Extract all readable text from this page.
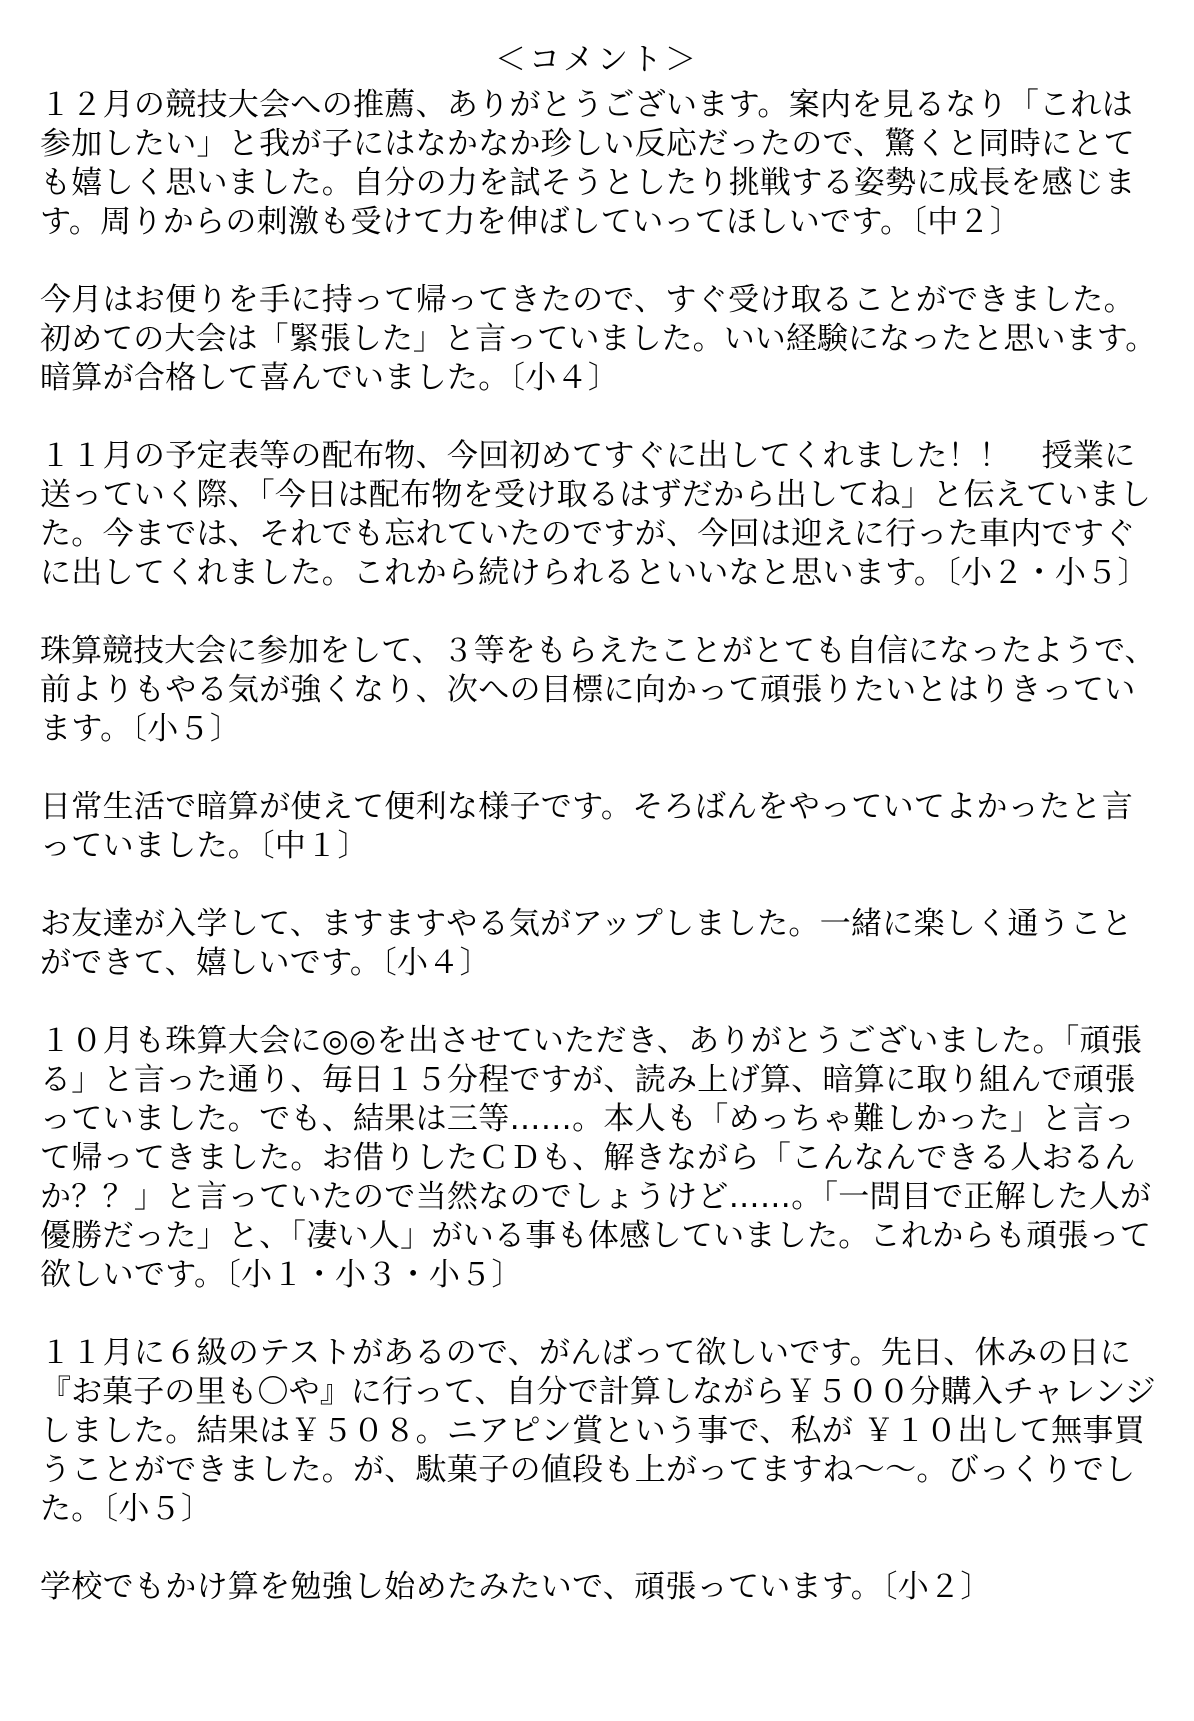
＜コメント＞
１２月の競技大会への推薦、ありがとうございます。案内を見るなり「これは
参加したい」と我が子にはなかなか珍しい反応だったので、驚くと同時にとて
も嬉しく思いました。自分の力を試そうとしたり挑戦する姿勢に成長を感じま
す。周りからの刺激も受けて力を伸ばしていってほしいです。〔中２〕
今月はお便りを手に持って帰ってきたので、すぐ受け取ることができました。
初めての大会は「緊張した」と言っていました。いい経験になったと思います。
暗算が合格して喜んでいました。〔小４〕
１１月の予定表等の配布物、今回初めてすぐに出してくれました！！　授業に
送っていく際、「今日は配布物を受け取るはずだから出してね」と伝えていまし
た。今までは、それでも忘れていたのですが、今回は迎えに行った車内ですぐ
に出してくれました。これから続けられるといいなと思います。〔小２・小５〕
珠算競技大会に参加をして、３等をもらえたことがとても自信になったようで、
前よりもやる気が強くなり、次への目標に向かって頑張りたいとはりきってい
ます。〔小５〕
日常生活で暗算が使えて便利な様子です。そろばんをやっていてよかったと言
っていました。〔中１〕
お友達が入学して、ますますやる気がアップしました。一緒に楽しく通うこと
ができて、嬉しいです。〔小４〕
１０月も珠算大会に◎◎を出させていただき、ありがとうございました。「頑張
る」と言った通り、毎日１５分程ですが、読み上げ算、暗算に取り組んで頑張
っていました。でも、結果は三等……。本人も「めっちゃ難しかった」と言っ
て帰ってきました。お借りしたＣＤも、解きながら「こんなんできる人おるん
か？？」と言っていたので当然なのでしょうけど……。「一問目で正解した人が
優勝だった」と、「凄い人」がいる事も体感していました。これからも頑張って
欲しいです。〔小１・小３・小５〕
１１月に６級のテストがあるので、がんばって欲しいです。先日、休みの日に
『お菓子の里も〇や』に行って、自分で計算しながら￥５００分購入チャレンジ
しました。結果は￥５０８。ニアピン賞という事で、私が ￥１０出して無事買
うことができました。が、駄菓子の値段も上がってますね～～。びっくりでし
た。〔小５〕
学校でもかけ算を勉強し始めたみたいで、頑張っています。〔小２〕
